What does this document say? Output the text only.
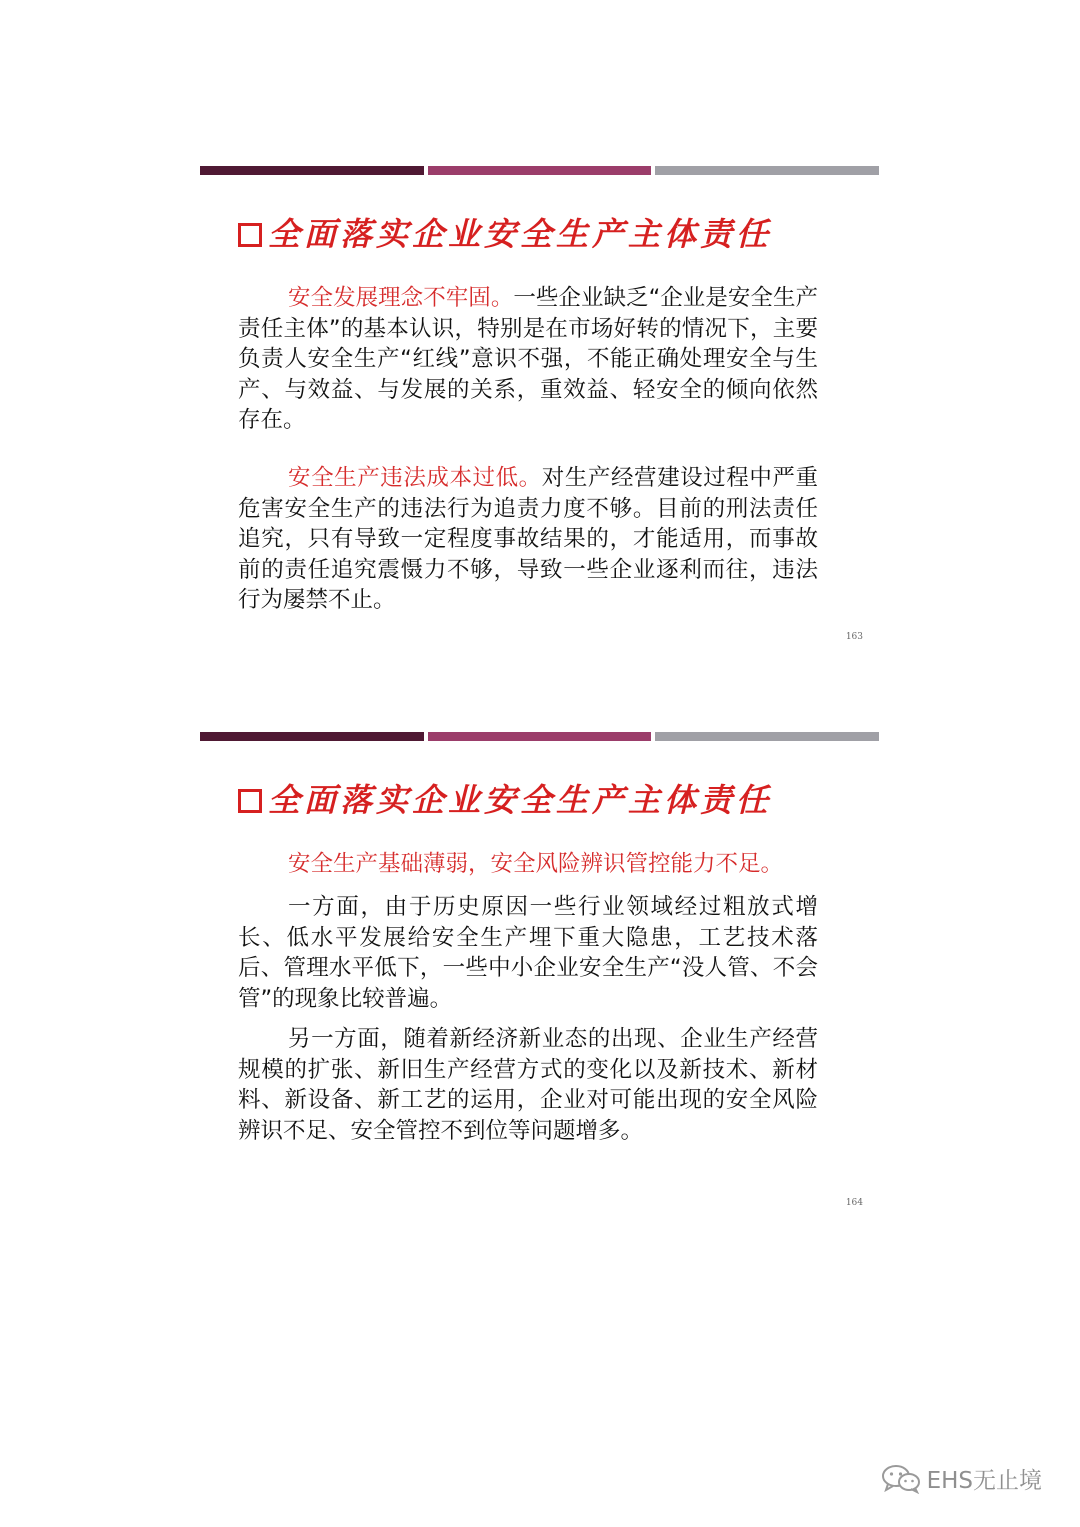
全面落实企业安全生产主体责任

安全发展理念不牢固。一些企业缺乏“企业是安全生产责任主体”的基本认识，特别是在市场好转的情况下，主要负责人安全生产“红线”意识不强，不能正确处理安全与生产、与效益、与发展的关系，重效益、轻安全的倾向依然存在。

安全生产违法成本过低。对生产经营建设过程中严重危害安全生产的违法行为追责力度不够。目前的刑法责任追究，只有导致一定程度事故结果的，才能适用，而事故前的责任追究震慑力不够，导致一些企业逐利而往，违法行为屡禁不止。

163
全面落实企业安全生产主体责任

安全生产基础薄弱，安全风险辨识管控能力不足。

一方面，由于历史原因一些行业领域经过粗放式增长、低水平发展给安全生产埋下重大隐患，工艺技术落后、管理水平低下，一些中小企业安全生产“没人管、不会管”的现象比较普遍。

另一方面，随着新经济新业态的出现、企业生产经营规模的扩张、新旧生产经营方式的变化以及新技术、新材料、新设备、新工艺的运用，企业对可能出现的安全风险辨识不足、安全管控不到位等问题增多。

164
EHS无止境
